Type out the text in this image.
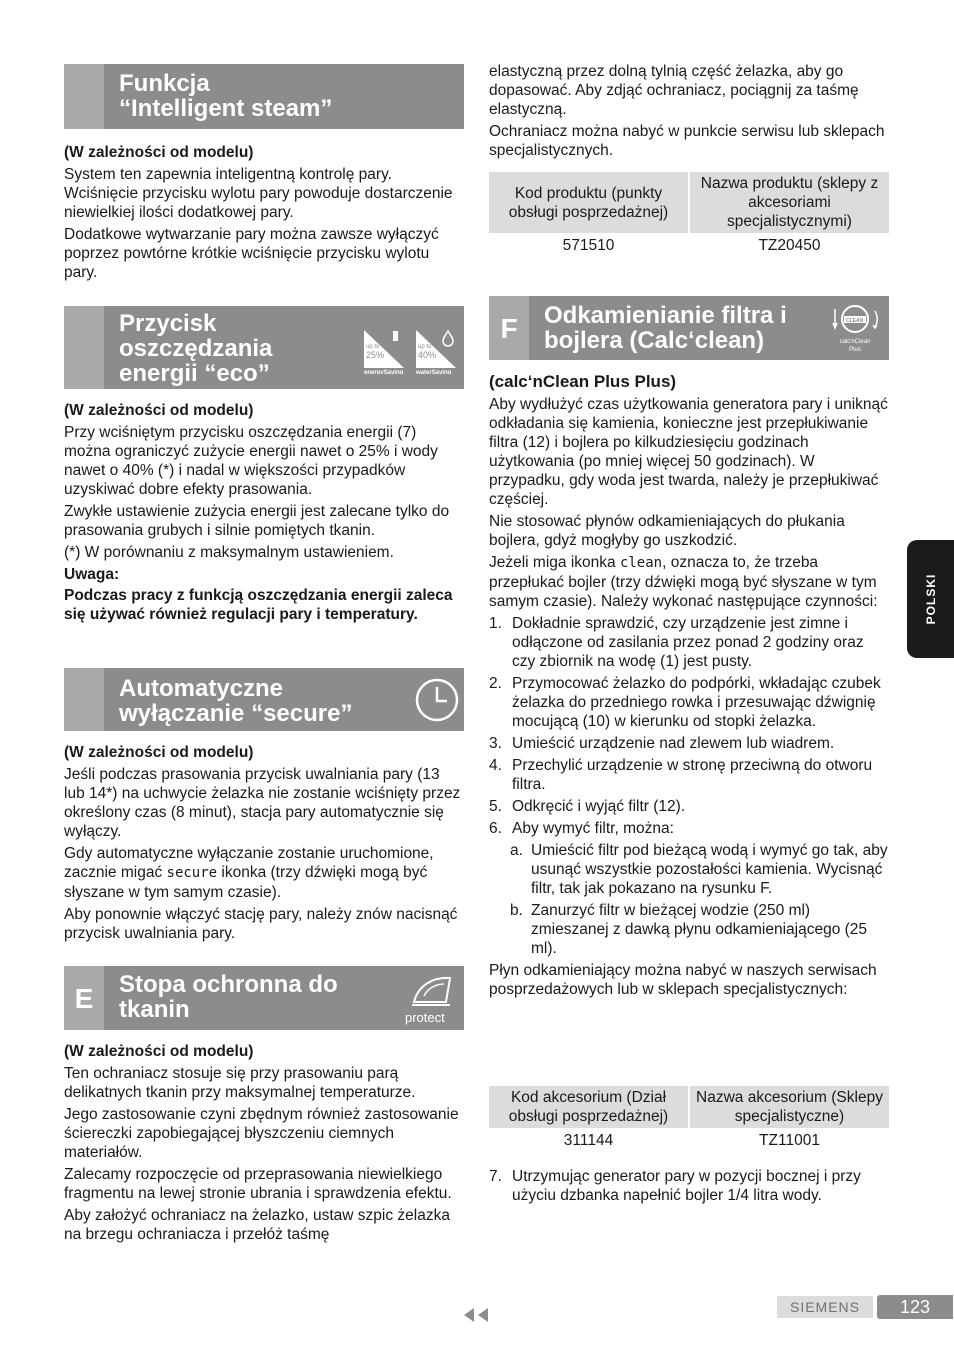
Funkcja
“Intelligent steam”

(W zależności od modelu)

System ten zapewnia inteligentną kontrolę pary. Wciśnięcie przycisku wylotu pary powoduje dostarczenie niewielkiej ilości dodatkowej pary.

Dodatkowe wytwarzanie pary można zawsze wyłączyć poprzez powtórne krótkie wciśnięcie przycisku wylotu pary.

Przycisk
oszczędzania
energii “eco”
up to
25%
energySaving
up to
40%
waterSaving

(W zależności od modelu)

Przy wciśniętym przycisku oszczędzania energii (7) można ograniczyć zużycie energii nawet o 25% i wody nawet o 40% (*) i nadal w większości przypadków uzyskiwać dobre efekty prasowania.

Zwykłe ustawienie zużycia energii jest zalecane tylko do prasowania grubych i silnie pomiętych tkanin.

(*) W porównaniu z maksymalnym ustawieniem.

Uwaga:

Podczas pracy z funkcją oszczędzania energii zaleca się używać również regulacji pary i temperatury.

Automatyczne
wyłączanie “secure”

(W zależności od modelu)

Jeśli podczas prasowania przycisk uwalniania pary (13 lub 14*) na uchwycie żelazka nie zostanie wciśnięty przez określony czas (8 minut), stacja pary automatycznie się wyłączy.

Gdy automatyczne wyłączanie zostanie uruchomione, zacznie migać secure ikonka (trzy dźwięki mogą być słyszane w tym samym czasie).

Aby ponownie włączyć stację pary, należy znów nacisnąć przycisk uwalniania pary.

E Stopa ochronna do
tkanin	protect

(W zależności od modelu)

Ten ochraniacz stosuje się przy prasowaniu parą delikatnych tkanin przy maksymalnej temperaturze.

Jego zastosowanie czyni zbędnym również zastosowanie ściereczki zapobiegającej błyszczeniu ciemnych materiałów.

Zalecamy rozpoczęcie od przeprasowania niewielkiego fragmentu na lewej stronie ubrania i sprawdzenia efektu.

Aby założyć ochraniacz na żelazko, ustaw szpic żelazka na brzegu ochraniacza i przełóż taśmę

elastyczną przez dolną tylnią część żelazka, aby go dopasować. Aby zdjąć ochraniacz, pociągnij za taśmę elastyczną.

Ochraniacz można nabyć w punkcie serwisu lub sklepach specjalistycznych.

Kod produktu (punkty obsługi posprzedażnej)	Nazwa produktu (sklepy z akcesoriami specjalistycznymi)
571510	TZ20450
F Odkamienianie filtra i
bojlera (Calc‘clean)
CLEAN
calc'nClean
Plus

(calc‘nClean Plus Plus)

Aby wydłużyć czas użytkowania generatora pary i uniknąć odkładania się kamienia, konieczne jest przepłukiwanie filtra (12) i bojlera po kilkudziesięciu godzinach użytkowania (po mniej więcej 50 godzinach). W przypadku, gdy woda jest twarda, należy je przepłukiwać częściej.

Nie stosować płynów odkamieniających do płukania bojlera, gdyż mogłyby go uszkodzić.

Jeżeli miga ikonka clean, oznacza to, że trzeba przepłukać bojler (trzy dźwięki mogą być słyszane w tym samym czasie). Należy wykonać następujące czynności:

1. Dokładnie sprawdzić, czy urządzenie jest zimne i odłączone od zasilania przez ponad 2 godziny oraz czy zbiornik na wodę (1) jest pusty.
2. Przymocować żelazko do podpórki, wkładając czubek żelazka do przedniego rowka i przesuwając dźwignię mocującą (10) w kierunku od stopki żelazka.
3. Umieścić urządzenie nad zlewem lub wiadrem.
4. Przechylić urządzenie w stronę przeciwną do otworu filtra.
5. Odkręcić i wyjąć filtr (12).
6. Aby wymyć filtr, można:
a. Umieścić filtr pod bieżącą wodą i wymyć go tak, aby usunąć wszystkie pozostałości kamienia. Wycisnąć filtr, tak jak pokazano na rysunku F.
b. Zanurzyć filtr w bieżącej wodzie (250 ml) zmieszanej z dawką płynu odkamieniającego (25 ml).

Płyn odkamieniający można nabyć w naszych serwisach posprzedażowych lub w sklepach specjalistycznych:

Kod akcesorium (Dział obsługi posprzedażnej)	Nazwa akcesorium (Sklepy specjalistyczne)
311144	TZ11001
7. Utrzymując generator pary w pozycji bocznej i przy użyciu dzbanka napełnić bojler 1/4 litra wody.
POLSKI
SIEMENS	123
